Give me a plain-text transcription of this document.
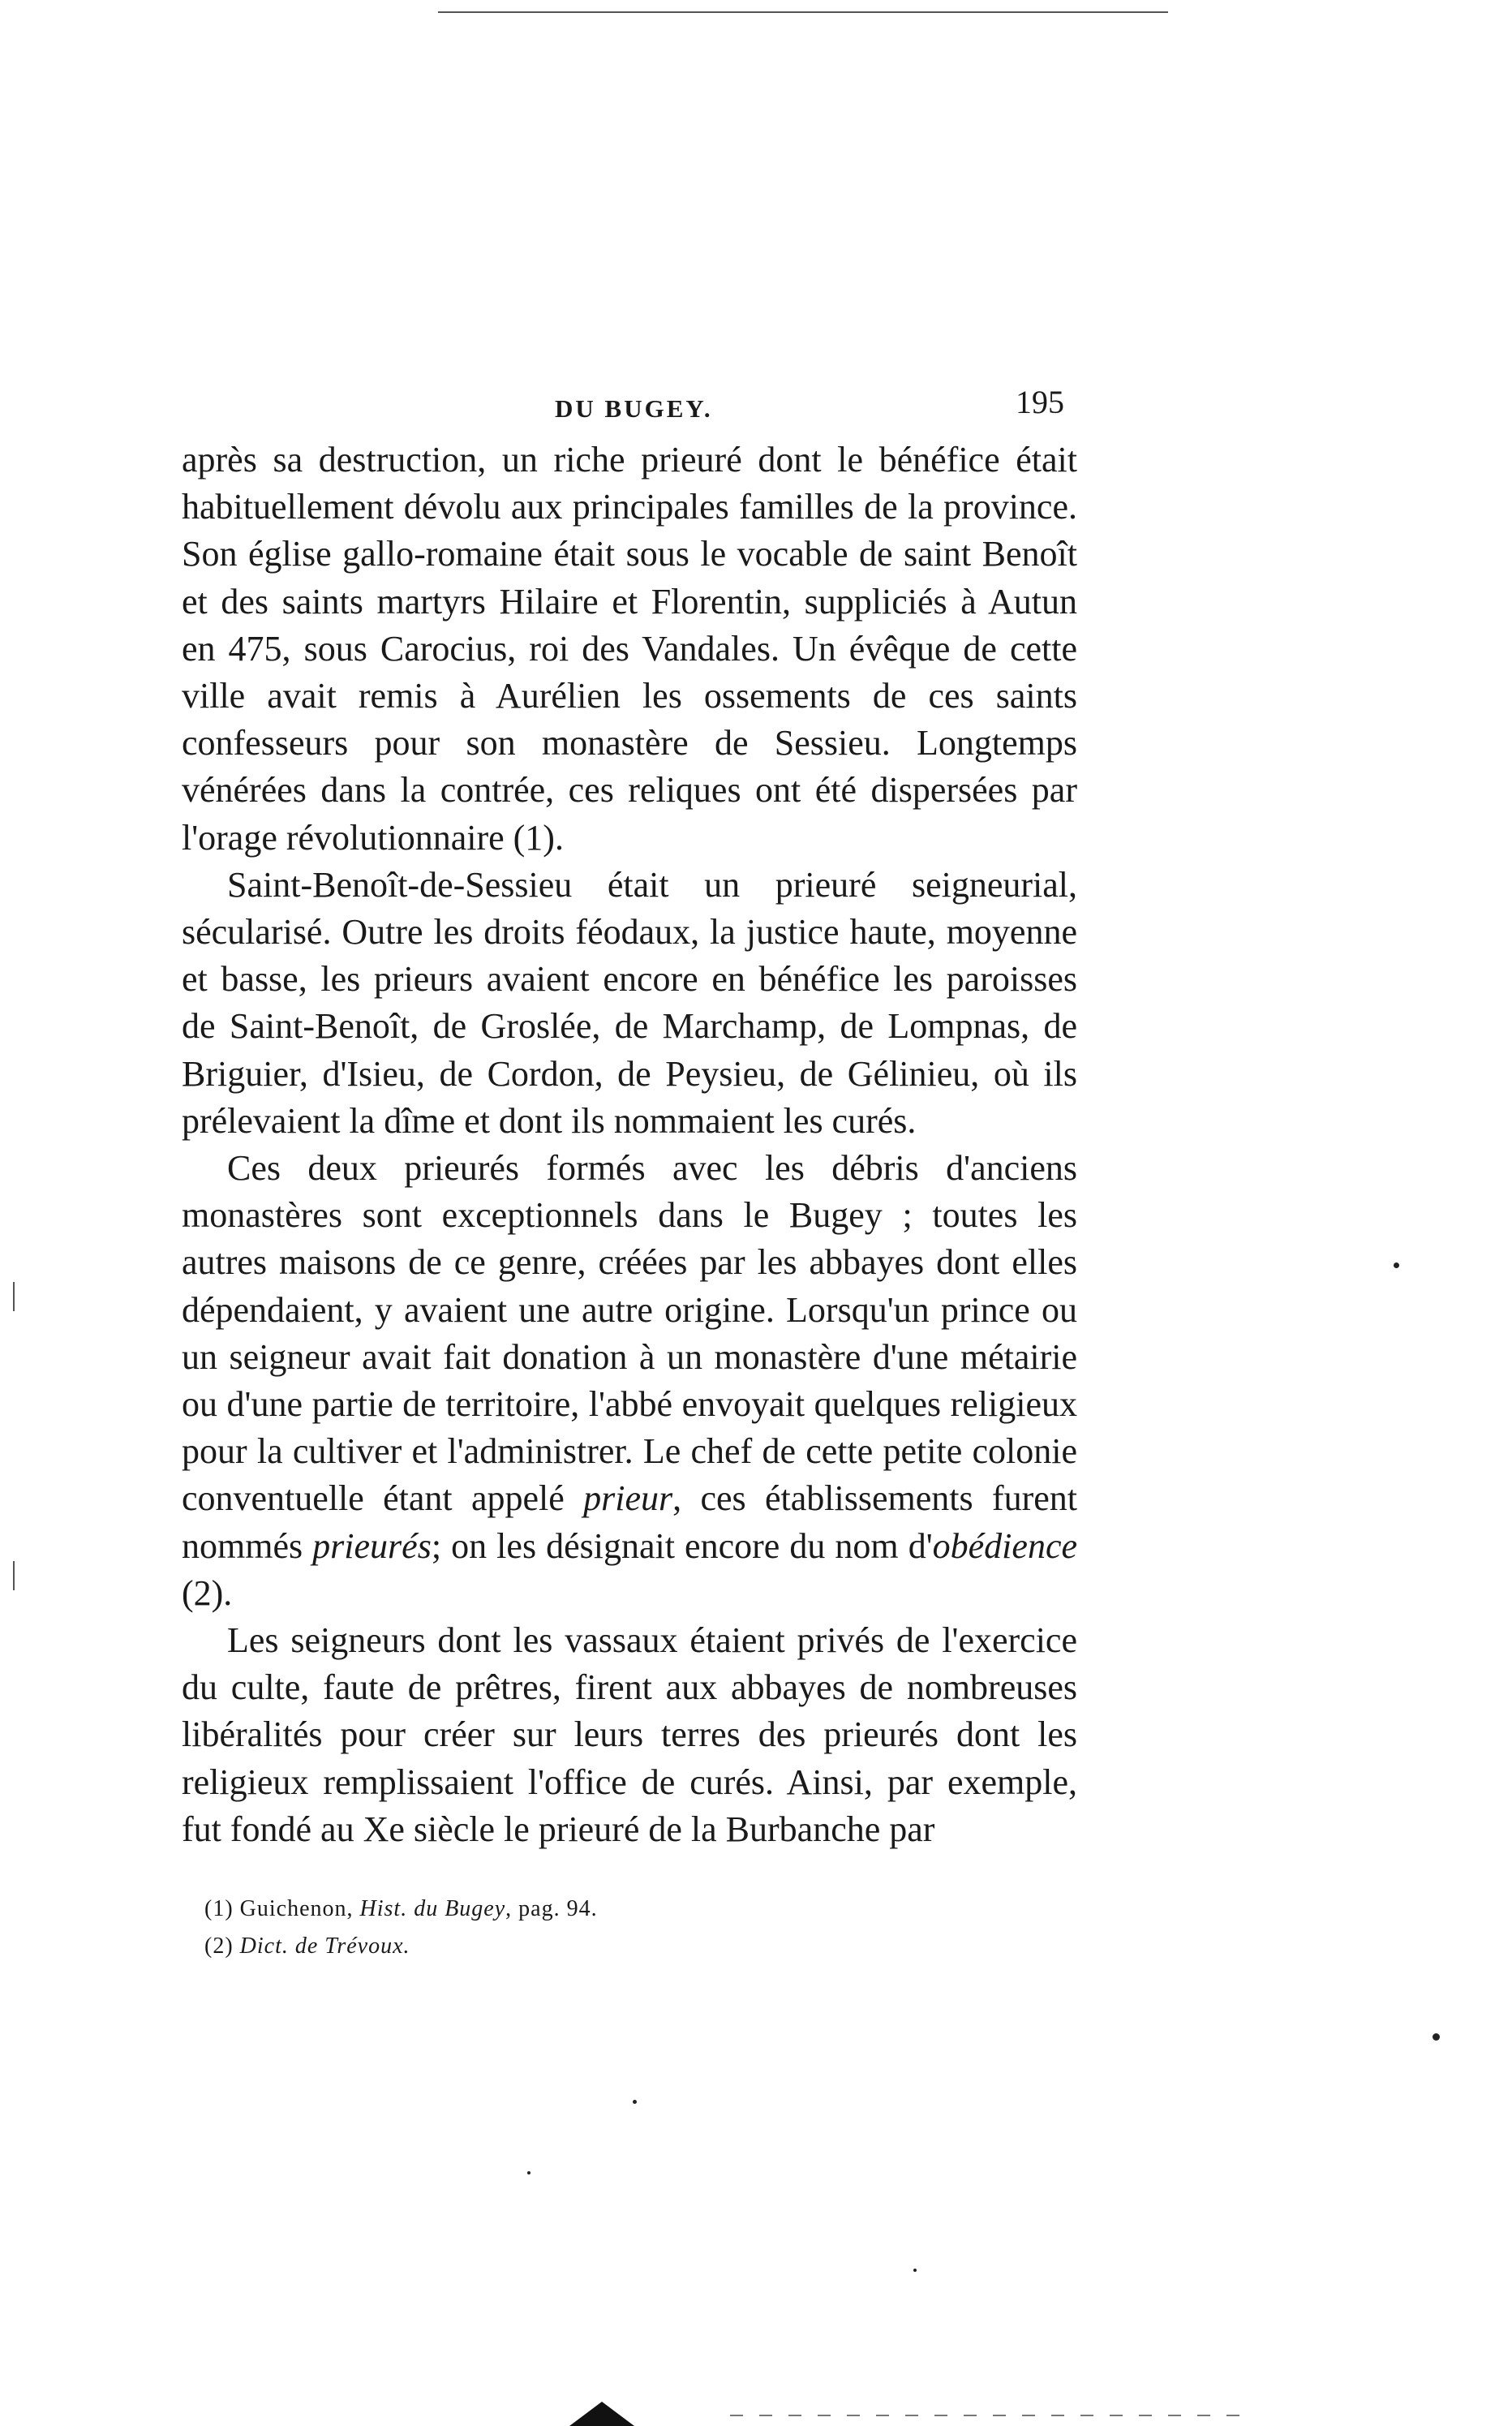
DU BUGEY.	195

après sa destruction, un riche prieuré dont le bénéfice était habituellement dévolu aux principales familles de la province. Son église gallo-romaine était sous le vocable de saint Benoît et des saints martyrs Hilaire et Florentin, suppliciés à Autun en 475, sous Carocius, roi des Vandales. Un évêque de cette ville avait remis à Aurélien les ossements de ces saints confesseurs pour son monastère de Sessieu. Longtemps vénérées dans la contrée, ces reliques ont été dispersées par l'orage révolutionnaire (1).

Saint-Benoît-de-Sessieu était un prieuré seigneurial, sécularisé. Outre les droits féodaux, la justice haute, moyenne et basse, les prieurs avaient encore en bénéfice les paroisses de Saint-Benoît, de Groslée, de Marchamp, de Lompnas, de Briguier, d'Isieu, de Cordon, de Peysieu, de Gélinieu, où ils prélevaient la dîme et dont ils nommaient les curés.

Ces deux prieurés formés avec les débris d'anciens monastères sont exceptionnels dans le Bugey ; toutes les autres maisons de ce genre, créées par les abbayes dont elles dépendaient, y avaient une autre origine. Lorsqu'un prince ou un seigneur avait fait donation à un monastère d'une métairie ou d'une partie de territoire, l'abbé envoyait quelques religieux pour la cultiver et l'administrer. Le chef de cette petite colonie conventuelle étant appelé prieur, ces établissements furent nommés prieurés; on les désignait encore du nom d'obédience (2).

Les seigneurs dont les vassaux étaient privés de l'exercice du culte, faute de prêtres, firent aux abbayes de nombreuses libéralités pour créer sur leurs terres des prieurés dont les religieux remplissaient l'office de curés. Ainsi, par exemple, fut fondé au Xe siècle le prieuré de la Burbanche par

(1) Guichenon, Hist. du Bugey, pag. 94.

(2) Dict. de Trévoux.
